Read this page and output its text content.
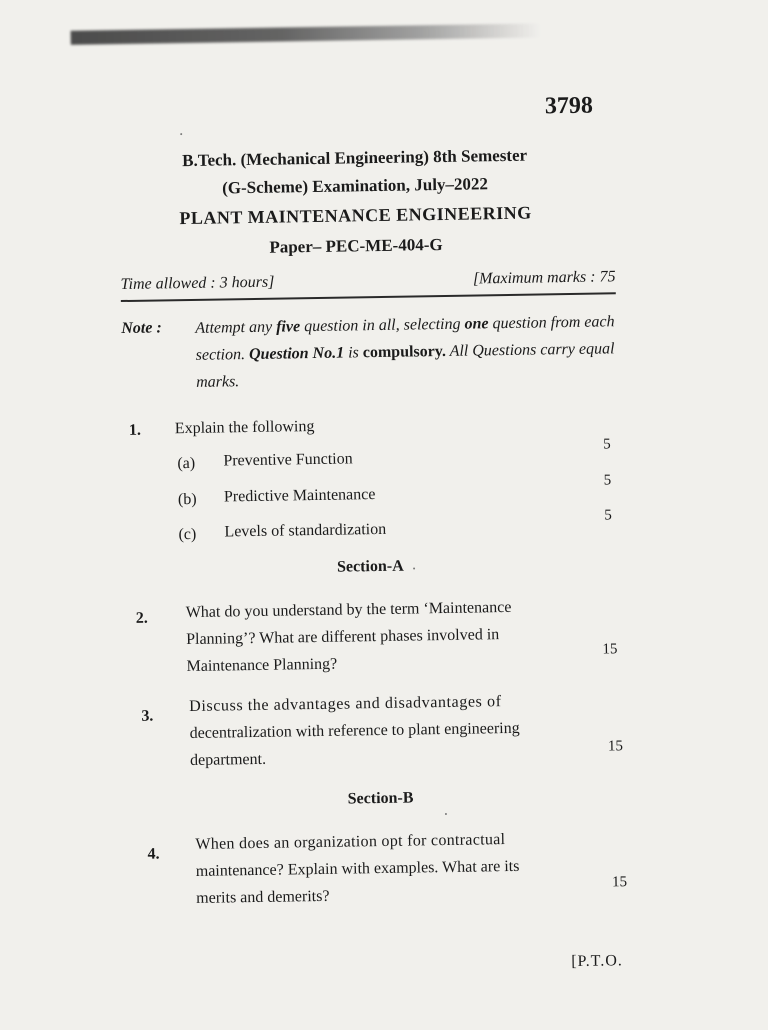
3798
B.Tech. (Mechanical Engineering) 8th Semester
(G-Scheme) Examination, July–2022
PLANT MAINTENANCE ENGINEERING
Paper– PEC-ME-404-G
Time allowed : 3 hours]	[Maximum marks : 75
Note : Attempt any five question in all, selecting one question from each section. Question No.1 is compulsory. All Questions carry equal marks.
1. Explain the following
(a) Preventive Function
5
(b) Predictive Maintenance
5
(c) Levels of standardization
5
Section-A
2. What do you understand by the term ‘Maintenance
Planning’? What are different phases involved in
Maintenance Planning?
15
3.
Discuss the advantages and disadvantages of
decentralization with reference to plant engineering
department.
15
Section-B
4.
When does an organization opt for contractual
maintenance? Explain with examples. What are its
merits and demerits?
15
[P.T.O.
